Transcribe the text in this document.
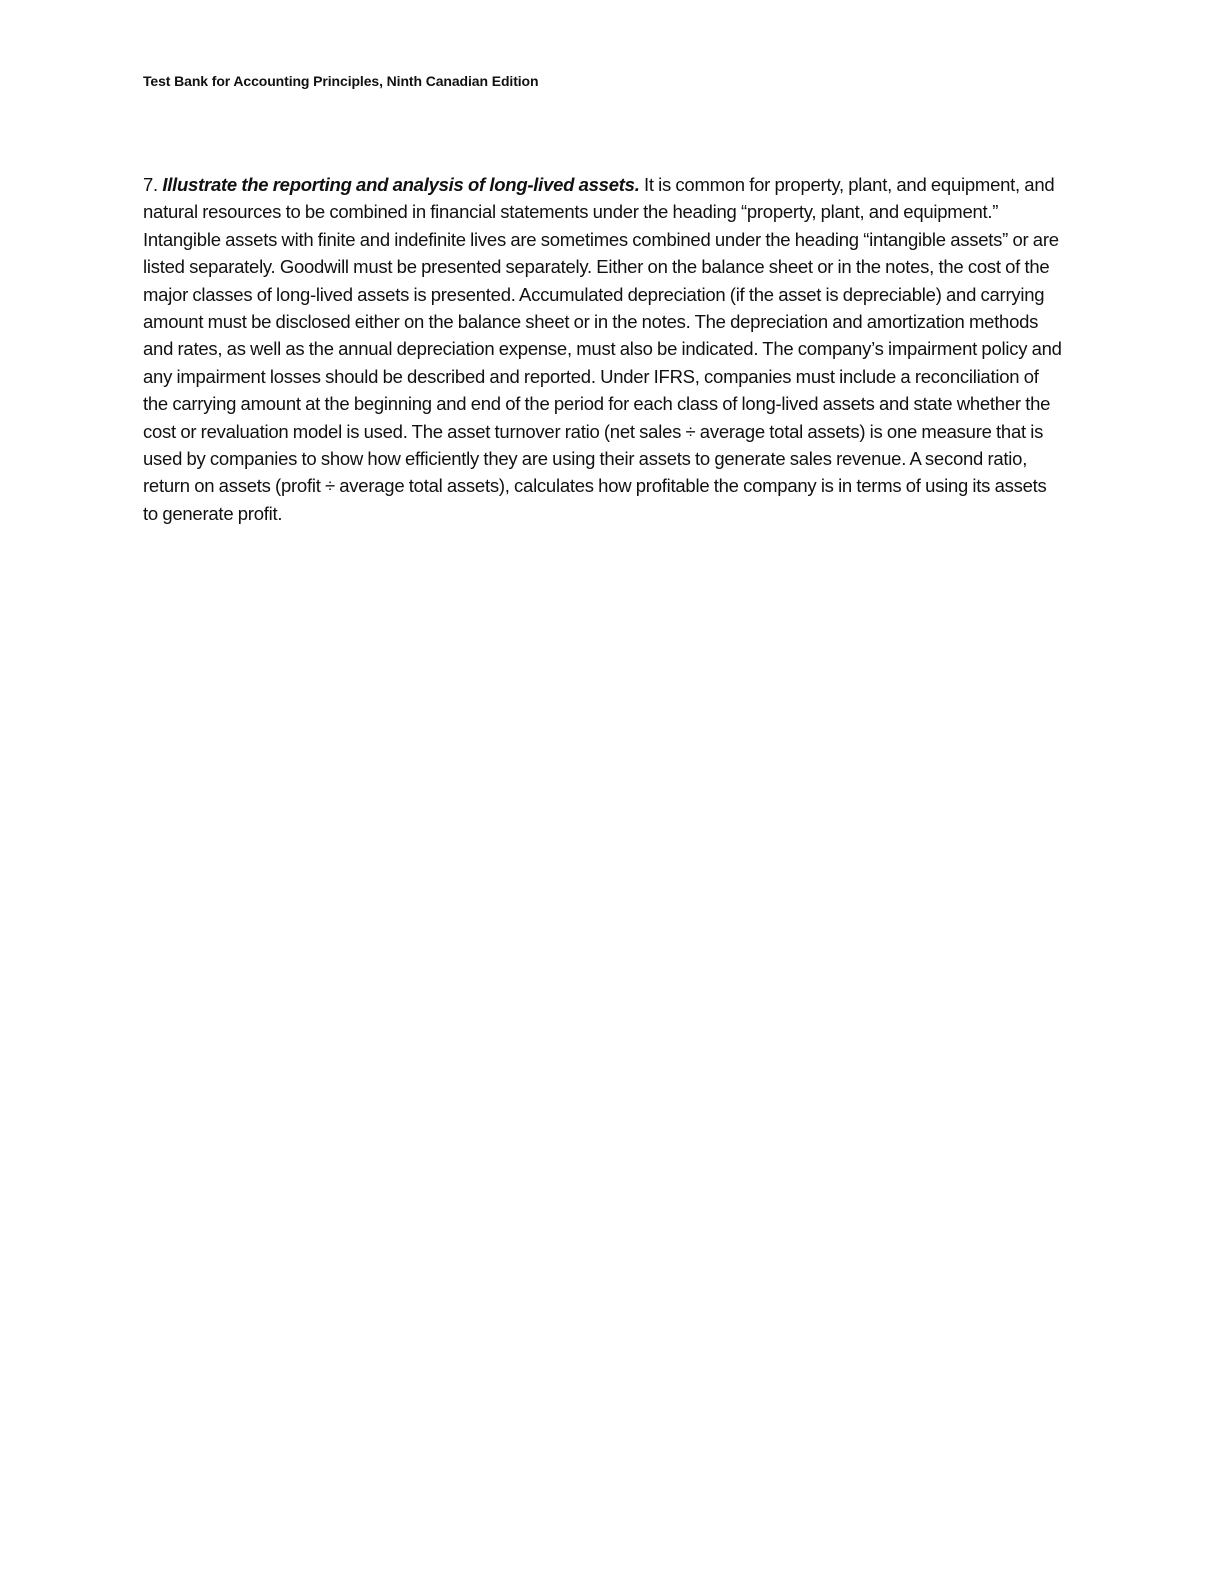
Test Bank for Accounting Principles, Ninth Canadian Edition

7. Illustrate the reporting and analysis of long-lived assets. It is common for property, plant, and equipment, and natural resources to be combined in financial statements under the heading “property, plant, and equipment.” Intangible assets with finite and indefinite lives are sometimes combined under the heading “intangible assets” or are listed separately. Goodwill must be presented separately. Either on the balance sheet or in the notes, the cost of the major classes of long-lived assets is presented. Accumulated depreciation (if the asset is depreciable) and carrying amount must be disclosed either on the balance sheet or in the notes. The depreciation and amortization methods and rates, as well as the annual depreciation expense, must also be indicated. The company’s impairment policy and any impairment losses should be described and reported. Under IFRS, companies must include a reconciliation of the carrying amount at the beginning and end of the period for each class of long-lived assets and state whether the cost or revaluation model is used. The asset turnover ratio (net sales ÷ average total assets) is one measure that is used by companies to show how efficiently they are using their assets to generate sales revenue. A second ratio, return on assets (profit ÷ average total assets), calculates how profitable the company is in terms of using its assets to generate profit.
